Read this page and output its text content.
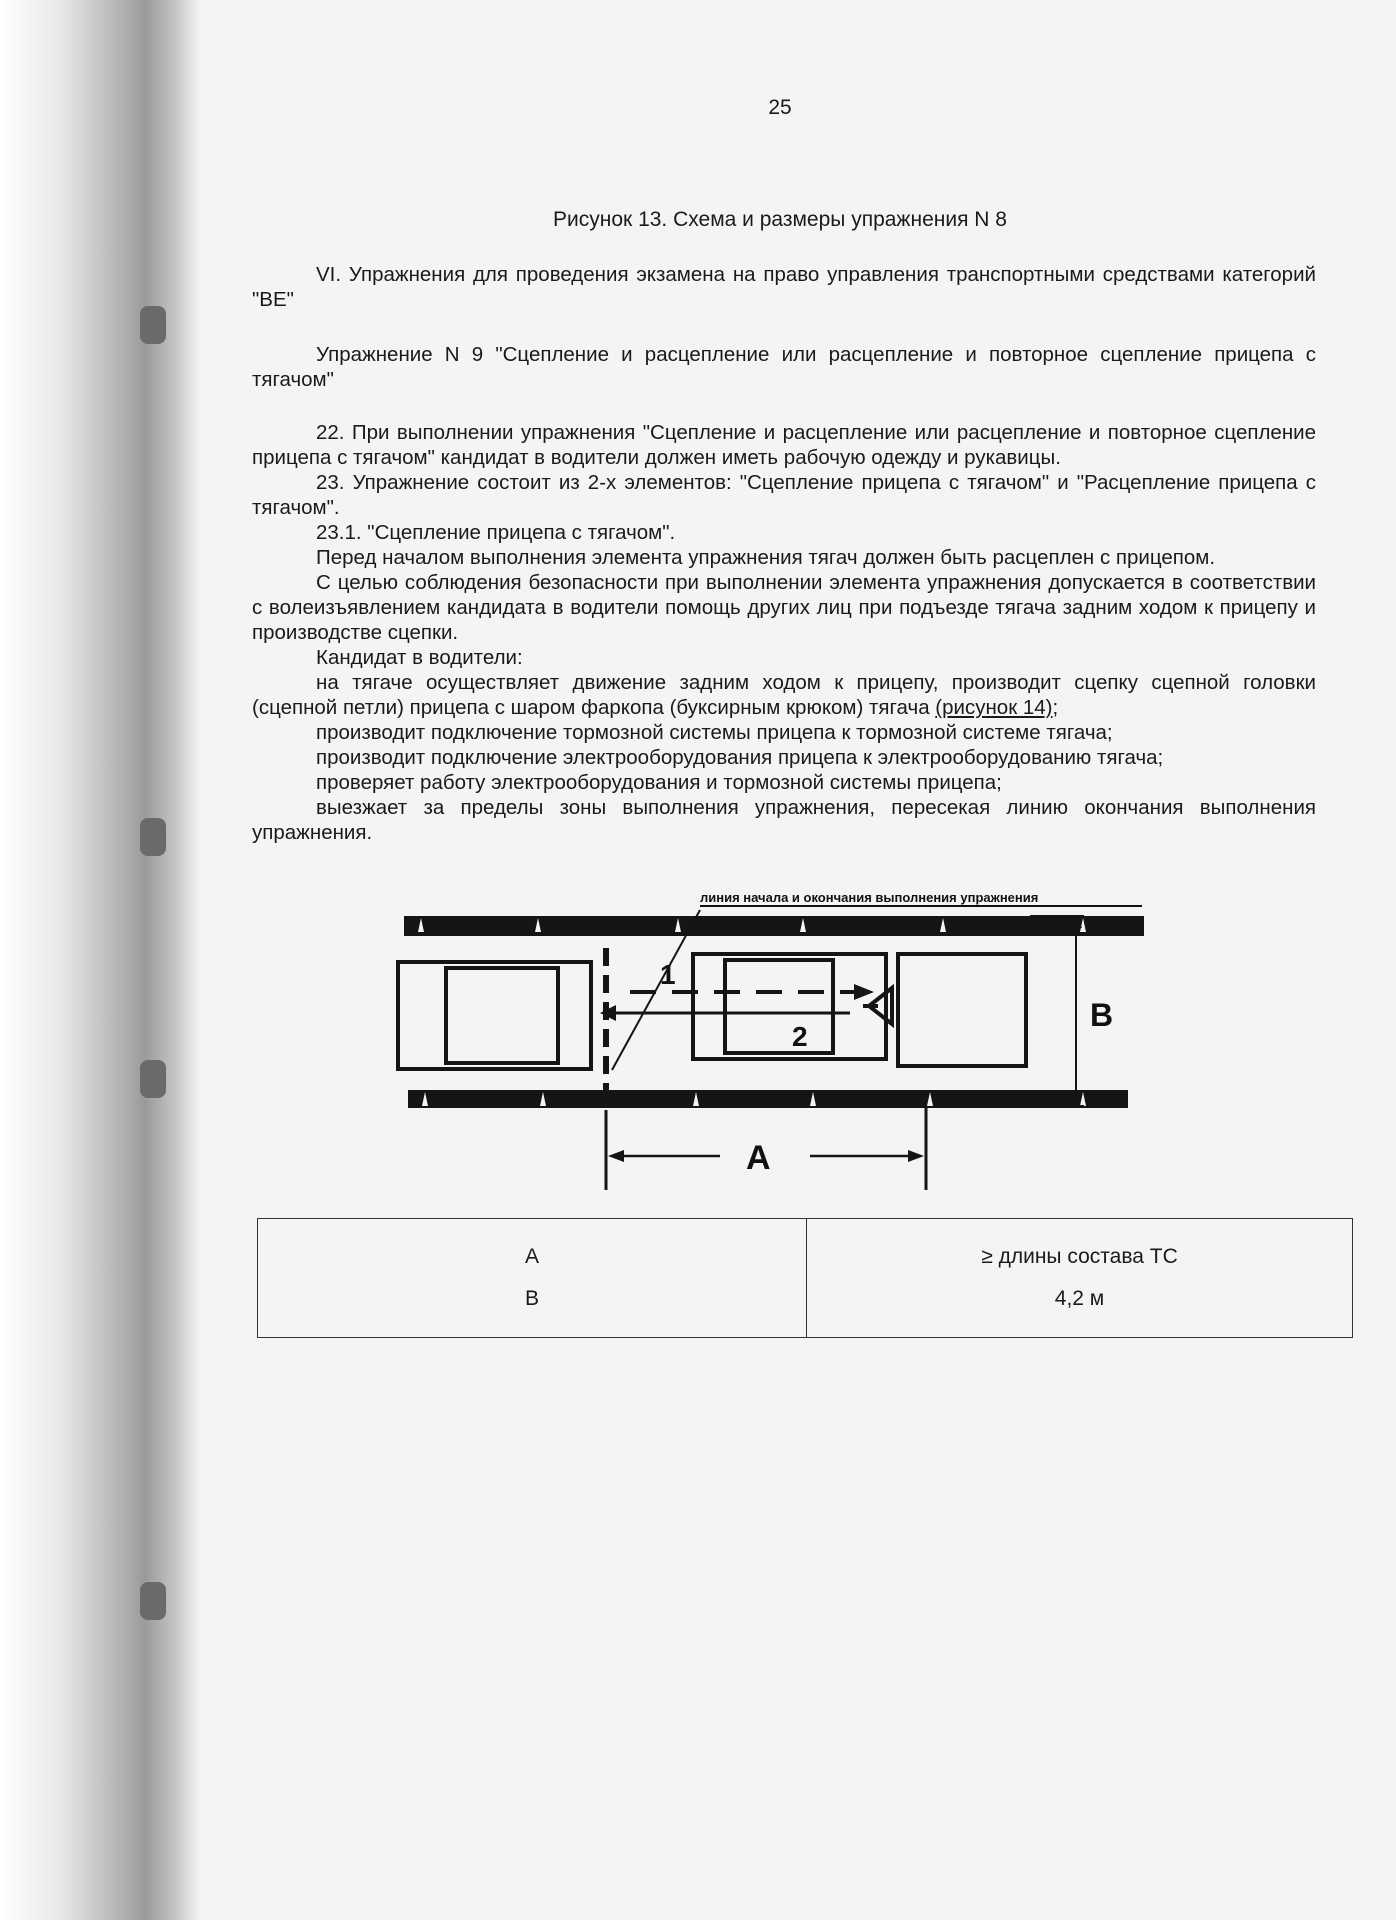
25
Рисунок 13. Схема и размеры упражнения N 8
VI. Упражнения для проведения экзамена на право управления транспортными средствами категорий "BE"
Упражнение N 9 "Сцепление и расцепление или расцепление и повторное сцепление прицепа с тягачом"

22. При выполнении упражнения "Сцепление и расцепление или расцепление и повторное сцепление прицепа с тягачом" кандидат в водители должен иметь рабочую одежду и рукавицы.

23. Упражнение состоит из 2-х элементов: "Сцепление прицепа с тягачом" и "Расцепление прицепа с тягачом".

23.1. "Сцепление прицепа с тягачом".

Перед началом выполнения элемента упражнения тягач должен быть расцеплен с прицепом.

С целью соблюдения безопасности при выполнении элемента упражнения допускается в соответствии с волеизъявлением кандидата в водители помощь других лиц при подъезде тягача задним ходом к прицепу и производстве сцепки.

Кандидат в водители:

на тягаче осуществляет движение задним ходом к прицепу, производит сцепку сцепной головки (сцепной петли) прицепа с шаром фаркопа (буксирным крюком) тягача (рисунок 14);

производит подключение тормозной системы прицепа к тормозной системе тягача;

производит подключение электрооборудования прицепа к электрооборудованию тягача;

проверяет работу электрооборудования и тормозной системы прицепа;

выезжает за пределы зоны выполнения упражнения, пересекая линию окончания выполнения упражнения.

линия начала и окончания выполнения упражнения
1
2
В
А
А	≥ длины состава ТС
В	4,2 м
